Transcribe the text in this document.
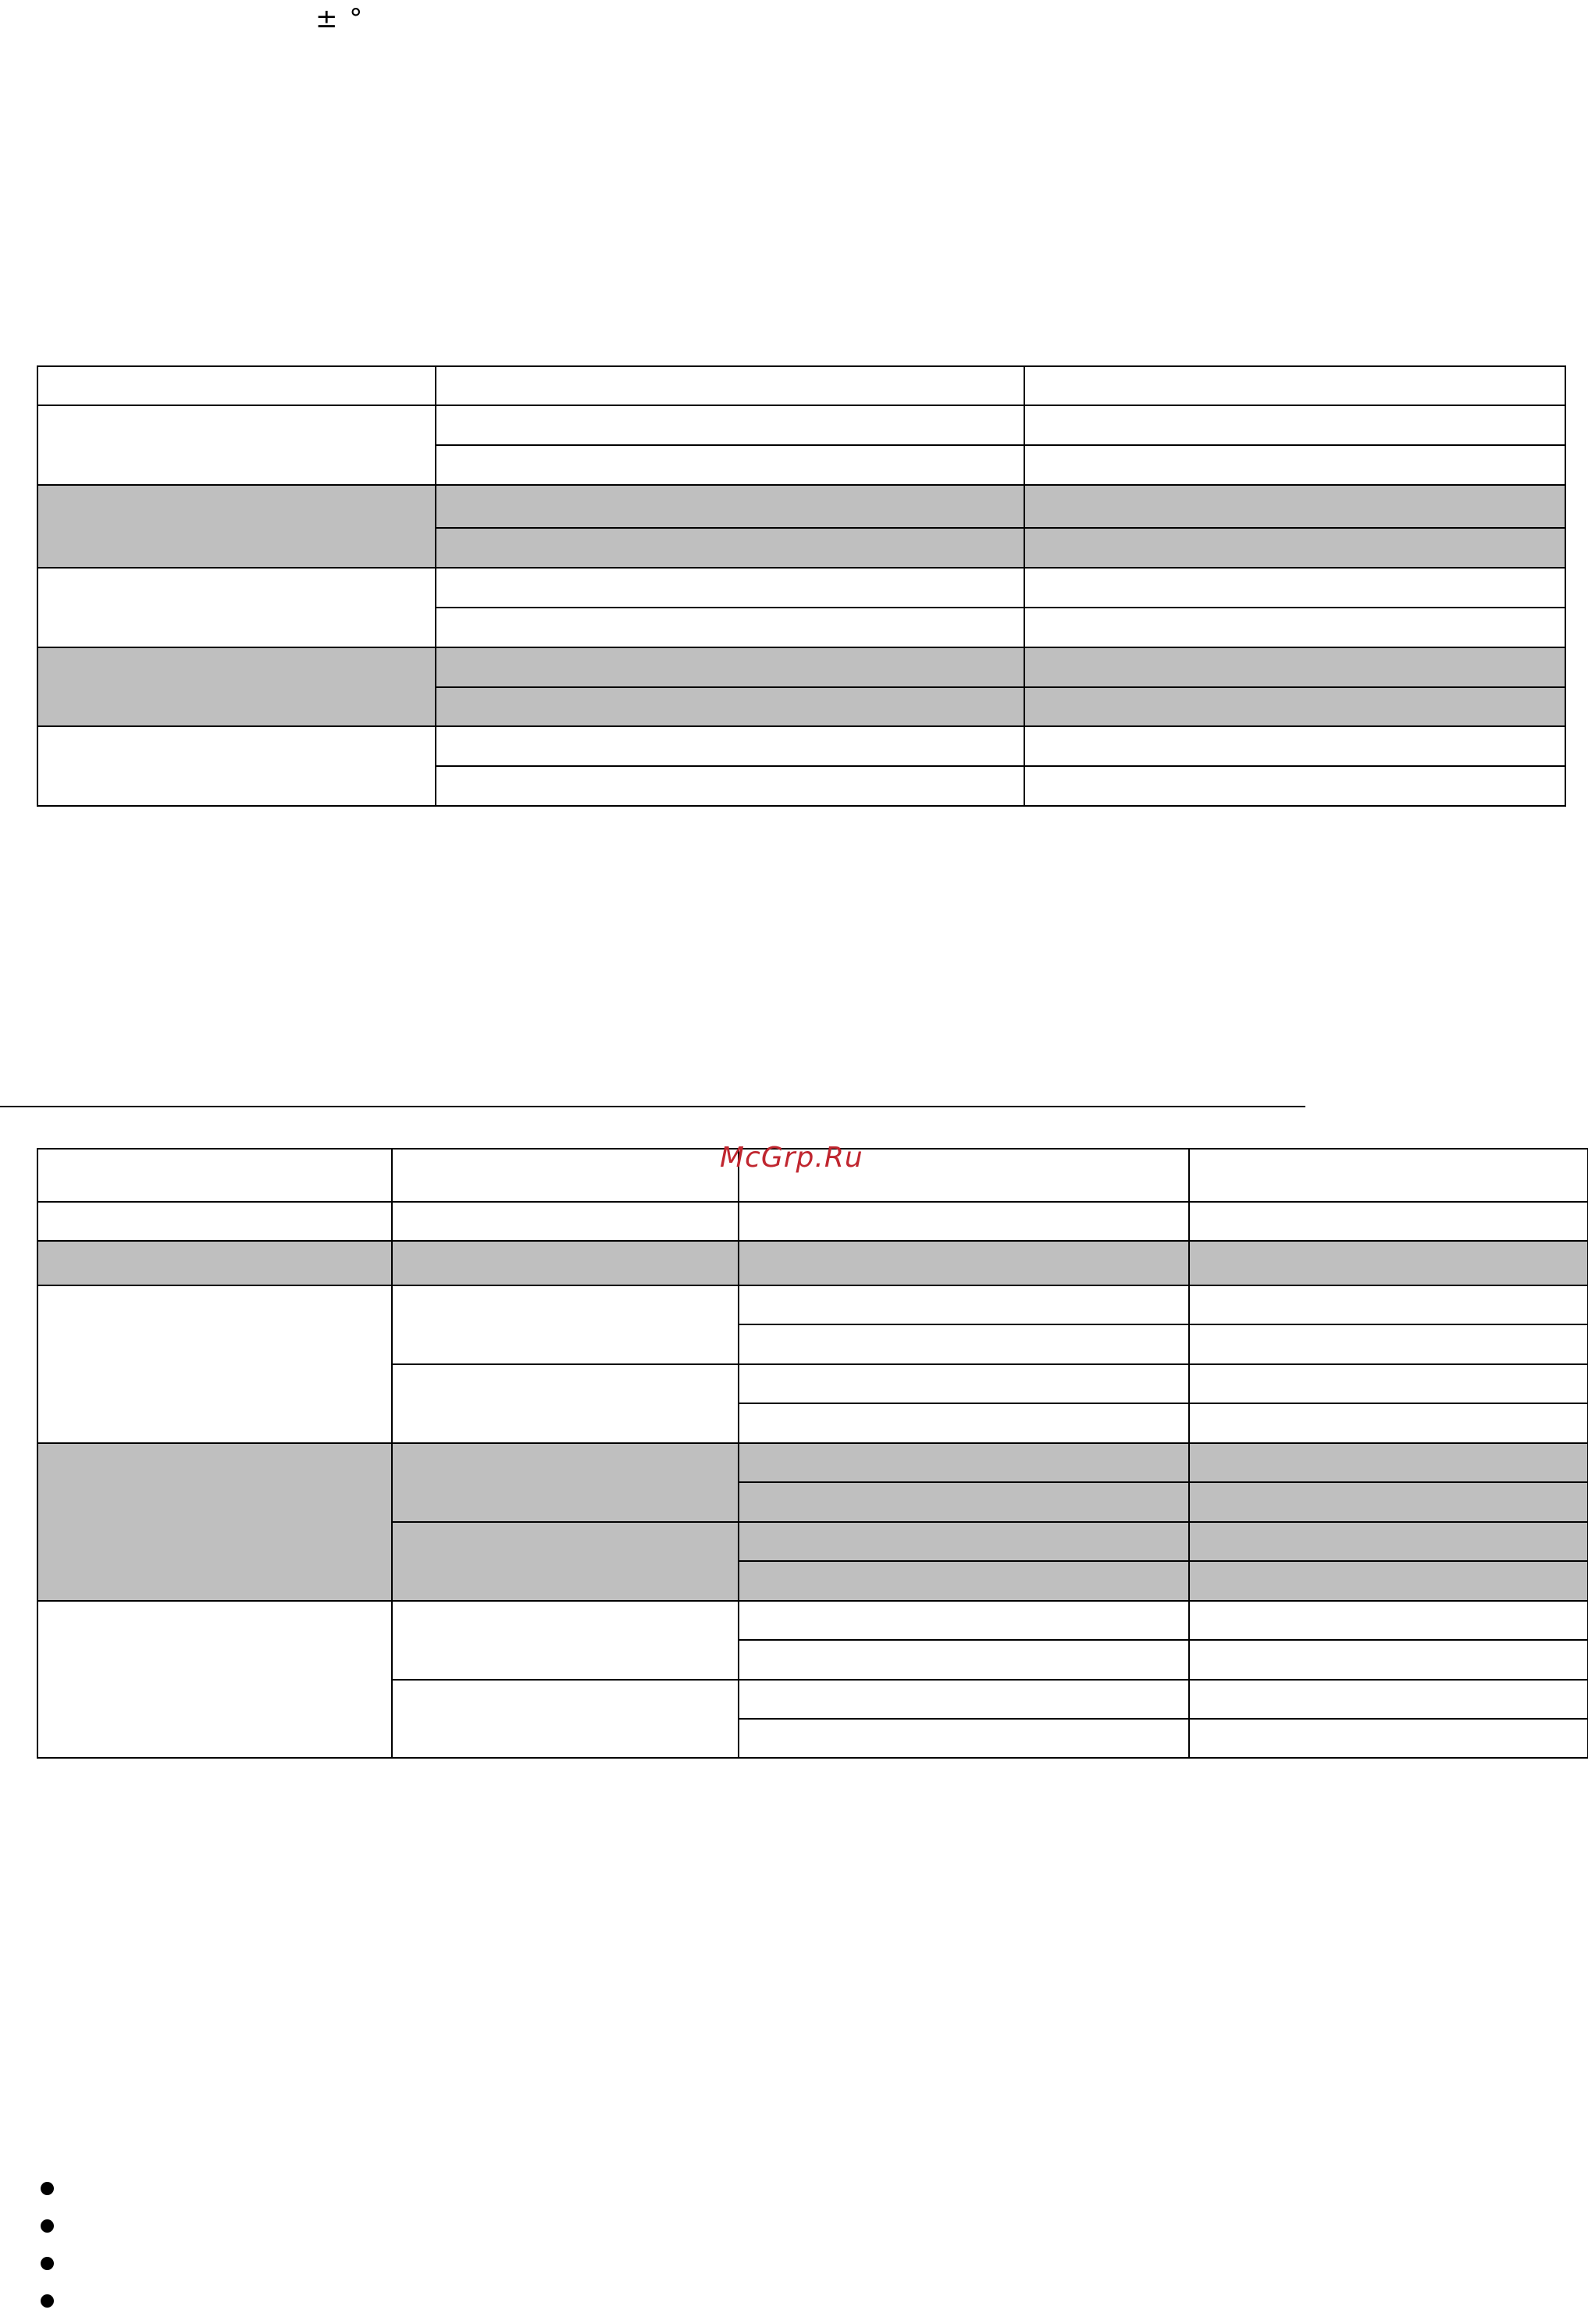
± °

McGrp.Ru
